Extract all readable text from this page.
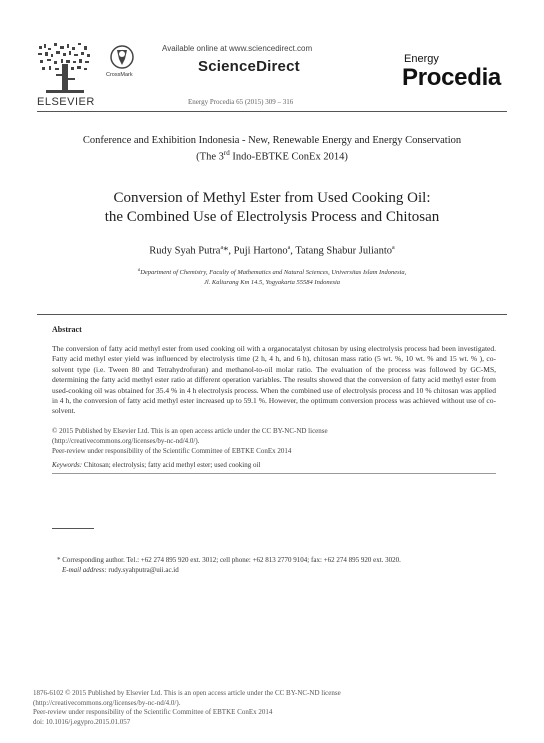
ELSEVIER
CrossMark
Available online at www.sciencedirect.com
ScienceDirect
Energy Procedia 65 (2015) 309 – 316
Energy
Procedia
Conference and Exhibition Indonesia - New, Renewable Energy and Energy Conservation
(The 3rd Indo-EBTKE ConEx 2014)
Conversion of Methyl Ester from Used Cooking Oil:
the Combined Use of Electrolysis Process and Chitosan
Rudy Syah Putra$^a$*, Puji Hartono$^a$, Tatang Shabur Julianto$^a$
$^a$Department of Chemistry, Faculty of Mathematics and Natural Sciences, Universitas Islam Indonesia,
Jl. Kaliurang Km 14.5, Yogyakarta 55584 Indonesia
Abstract
The conversion of fatty acid methyl ester from used cooking oil with a organocatalyst chitosan by using electrolysis process had been investigated. Fatty acid methyl ester yield was influenced by electrolysis time (2 h, 4 h, and 6 h), chitosan mass ratio (5 wt. %, 10 wt. % and 15 wt. % ), co-solvent type (i.e. Tween 80 and Tetrahydrofuran) and methanol-to-oil molar ratio. The evaluation of the process was followed by GC-MS, determining the fatty acid methyl ester ratio at different operation variables. The results showed that the conversion of fatty acid methyl ester from used-cooking oil was obtained for 35.4 % in 4 h electrolysis process. When the combined use of electrolysis process and 10 % chitosan was applied in 4 h, the conversion of fatty acid methyl ester increased up to 59.1 %. However, the optimum conversion process was achieved without use of co-solvent.
© 2015 Published by Elsevier Ltd. This is an open access article under the CC BY-NC-ND license
(http://creativecommons.org/licenses/by-nc-nd/4.0/).
Peer-review under responsibility of the Scientific Committee of EBTKE ConEx 2014
Keywords: Chitosan; electrolysis; fatty acid methyl ester; used cooking oil
* Corresponding author. Tel.: +62 274 895 920 ext. 3012; cell phone: +62 813 2770 9104; fax: +62 274 895 920 ext. 3020.
E-mail address: rudy.syahputra@uii.ac.id
1876-6102 © 2015 Published by Elsevier Ltd. This is an open access article under the CC BY-NC-ND license
(http://creativecommons.org/licenses/by-nc-nd/4.0/).
Peer-review under responsibility of the Scientific Committee of EBTKE ConEx 2014
doi: 10.1016/j.egypro.2015.01.057
